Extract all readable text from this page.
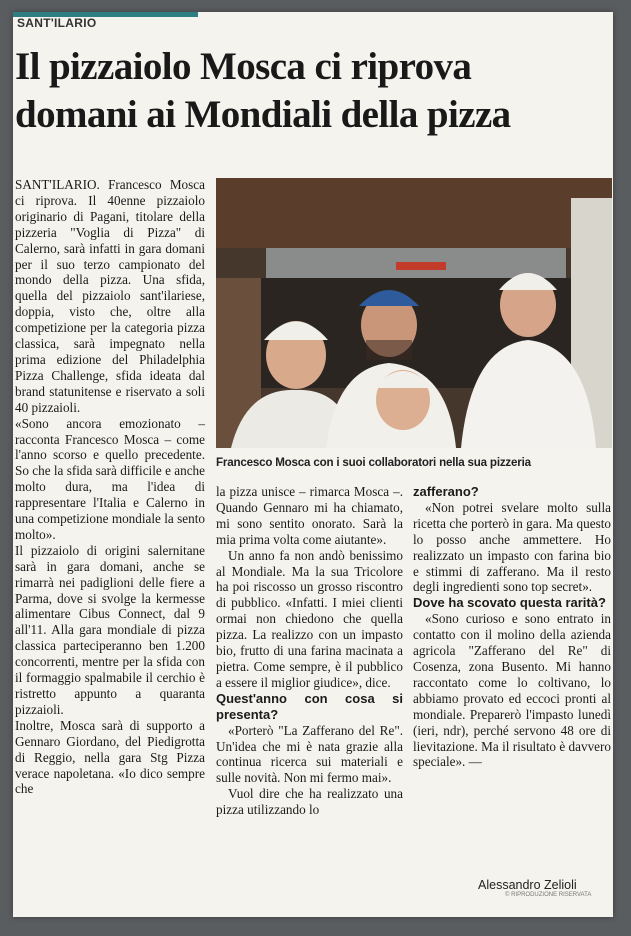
SANT'ILARIO
Il pizzaiolo Mosca ci riprova
domani ai Mondiali della pizza

SANT'ILARIO. Francesco Mosca ci riprova. Il 40enne pizzaiolo originario di Pagani, titolare della pizzeria "Voglia di Pizza" di Calerno, sarà infatti in gara domani per il suo terzo campionato del mondo della pizza. Una sfida, quella del pizzaiolo sant'ilariese, doppia, visto che, oltre alla competizione per la categoria pizza classica, sarà impegnato nella prima edizione del Philadelphia Pizza Challenge, sfida ideata dal brand statunitense e riservato a soli 40 pizzaioli.

«Sono ancora emozionato – racconta Francesco Mosca – come l'anno scorso e quello precedente. So che la sfida sarà difficile e anche molto dura, ma l'idea di rappresentare l'Italia e Calerno in una competizione mondiale la sento molto».

Il pizzaiolo di origini salernitane sarà in gara domani, anche se rimarrà nei padiglioni delle fiere a Parma, dove si svolge la kermesse alimentare Cibus Connect, dal 9 all'11. Alla gara mondiale di pizza classica parteciperanno ben 1.200 concorrenti, mentre per la sfida con il formaggio spalmabile il cerchio è ristretto appunto a quaranta pizzaioli.

Inoltre, Mosca sarà di supporto a Gennaro Giordano, del Piedigrotta di Reggio, nella gara Stg Pizza verace napoletana. «Io dico sempre che

Francesco Mosca con i suoi collaboratori nella sua pizzeria

la pizza unisce – rimarca Mosca –. Quando Gennaro mi ha chiamato, mi sono sentito onorato. Sarà la mia prima volta come aiutante».

Un anno fa non andò benissimo al Mondiale. Ma la sua Tricolore ha poi riscosso un grosso riscontro di pubblico. «Infatti. I miei clienti ormai non chiedono che quella pizza. La realizzo con un impasto bio, frutto di una farina macinata a pietra. Come sempre, è il pubblico a essere il miglior giudice», dice.

Quest'anno con cosa si presenta?

«Porterò "La Zafferano del Re". Un'idea che mi è nata grazie alla continua ricerca sui materiali e sulle novità. Non mi fermo mai».

Vuol dire che ha realizzato una pizza utilizzando lo

zafferano?

«Non potrei svelare molto sulla ricetta che porterò in gara. Ma questo lo posso anche ammettere. Ho realizzato un impasto con farina bio e stimmi di zafferano. Ma il resto degli ingredienti sono top secret».

Dove ha scovato questa rarità?

«Sono curioso e sono entrato in contatto con il molino della azienda agricola "Zafferano del Re" di Cosenza, zona Busento. Mi hanno raccontato come lo coltivano, lo abbiamo provato ed eccoci pronti al mondiale. Preparerò l'impasto lunedì (ieri, ndr), perché servono 48 ore di lievitazione. Ma il risultato è davvero speciale». —

Alessandro Zelioli
© RIPRODUZIONE RISERVATA
